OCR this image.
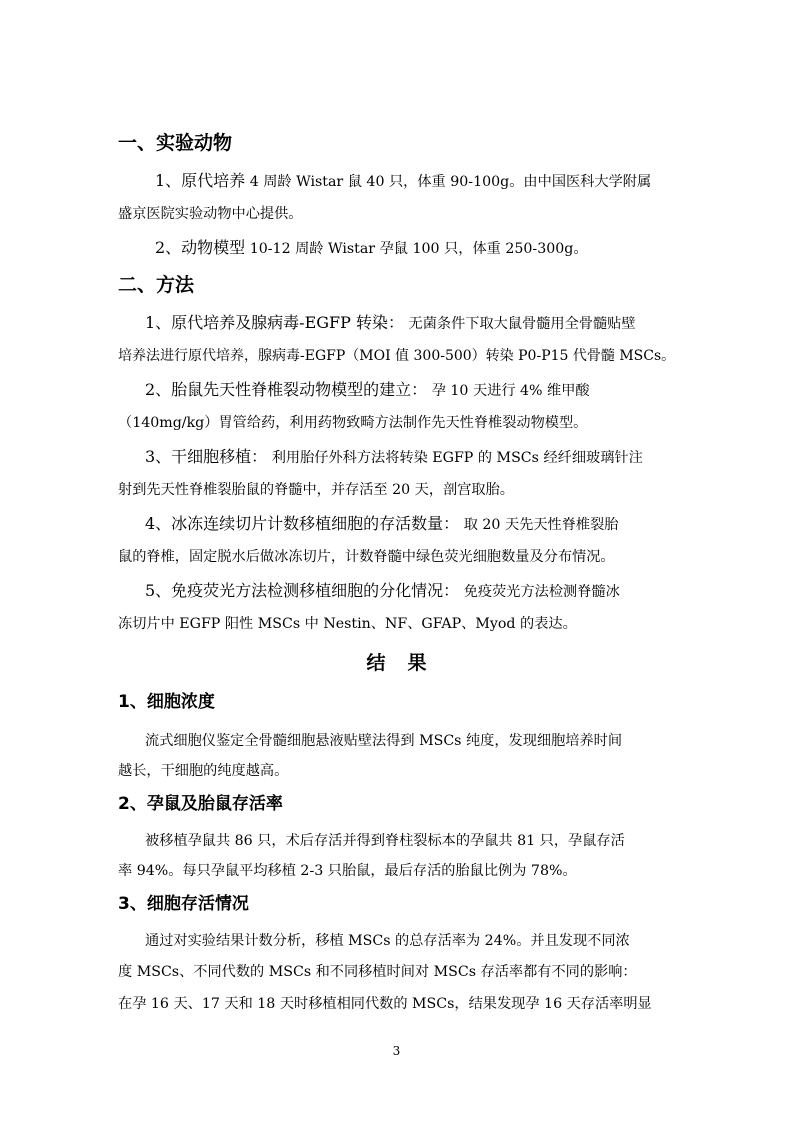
一、实验动物
1、原代培养 4 周龄 Wistar 鼠 40 只，体重 90-100g。由中国医科大学附属
盛京医院实验动物中心提供。
2、动物模型 10-12 周龄 Wistar 孕鼠 100 只，体重 250-300g。
二、方法
1、原代培养及腺病毒-EGFP 转染： 无菌条件下取大鼠骨髓用全骨髓贴壁
培养法进行原代培养，腺病毒-EGFP（MOI 值 300-500）转染 P0-P15 代骨髓 MSCs。
2、胎鼠先天性脊椎裂动物模型的建立： 孕 10 天进行 4% 维甲酸
（140mg/kg）胃管给药，利用药物致畸方法制作先天性脊椎裂动物模型。
3、干细胞移植： 利用胎仔外科方法将转染 EGFP 的 MSCs 经纤细玻璃针注
射到先天性脊椎裂胎鼠的脊髓中，并存活至 20 天，剖宫取胎。
4、冰冻连续切片计数移植细胞的存活数量： 取 20 天先天性脊椎裂胎
鼠的脊椎，固定脱水后做冰冻切片，计数脊髓中绿色荧光细胞数量及分布情况。
5、免疫荧光方法检测移植细胞的分化情况： 免疫荧光方法检测脊髓冰
冻切片中 EGFP 阳性 MSCs 中 Nestin、NF、GFAP、Myod 的表达。
结果
1、细胞浓度
流式细胞仪鉴定全骨髓细胞悬液贴壁法得到 MSCs 纯度，发现细胞培养时间
越长，干细胞的纯度越高。
2、孕鼠及胎鼠存活率
被移植孕鼠共 86 只，术后存活并得到脊柱裂标本的孕鼠共 81 只，孕鼠存活
率 94%。每只孕鼠平均移植 2-3 只胎鼠，最后存活的胎鼠比例为 78%。
3、细胞存活情况
通过对实验结果计数分析，移植 MSCs 的总存活率为 24%。并且发现不同浓
度 MSCs、不同代数的 MSCs 和不同移植时间对 MSCs 存活率都有不同的影响：
在孕 16 天、17 天和 18 天时移植相同代数的 MSCs，结果发现孕 16 天存活率明显
3
